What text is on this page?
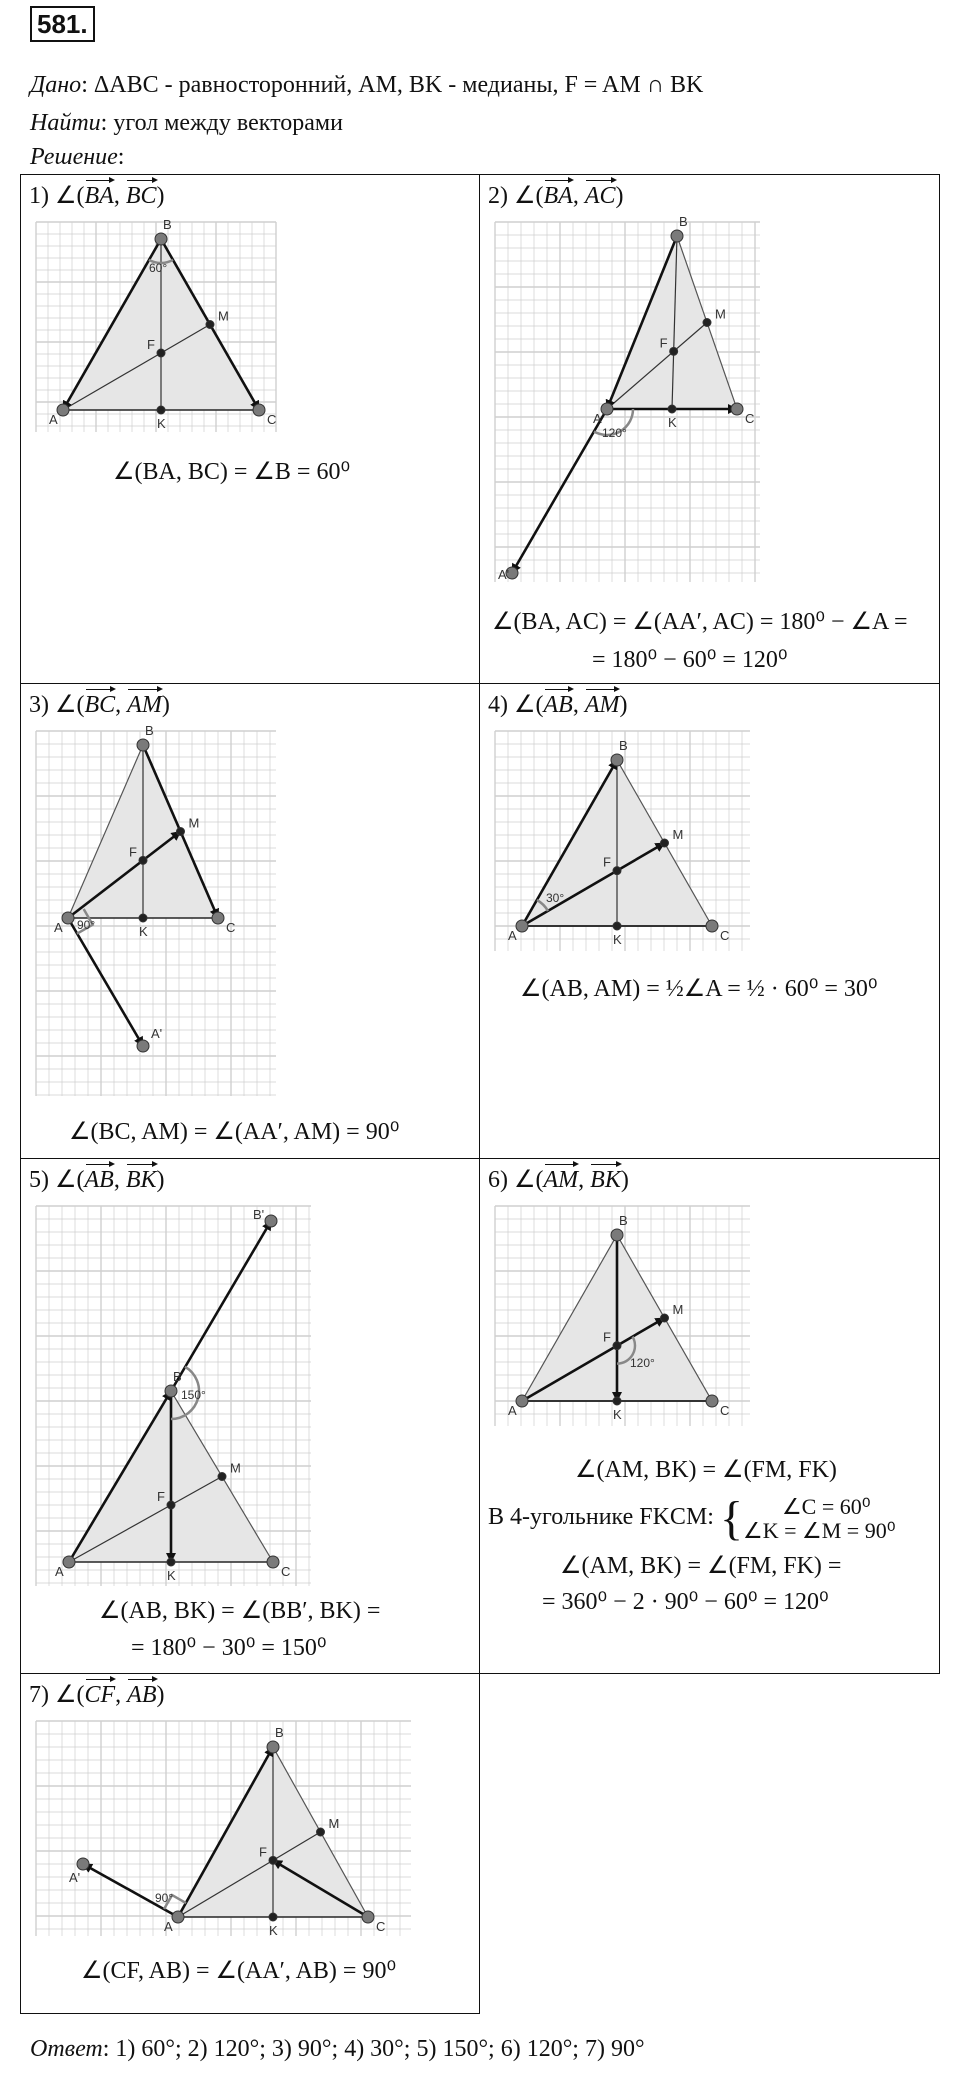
581.
Дано: ΔABC - равносторонний, AM, BK - медианы, F = AM ∩ BK
Найти: угол между векторами
Решение:
1) ∠(BA, BC)
A
B
C
M
K
F
60°
∠(BA, BC) = ∠B = 60⁰
2) ∠(BA, AC)
A
B
C
M
K
F
A'
120°
∠(BA, AC) = ∠(AA′, AC) = 180⁰ − ∠A =
= 180⁰ − 60⁰ = 120⁰
3) ∠(BC, AM)
A
B
C
M
K
F
A'
90°
∠(BC, AM) = ∠(AA′, AM) = 90⁰
4) ∠(AB, AM)
A
B
C
M
K
F
30°
∠(AB, AM) = ½∠A = ½ · 60⁰ = 30⁰
5) ∠(AB, BK)
A
B
C
M
K
F
B'
150°
∠(AB, BK) = ∠(BB′, BK) =
= 180⁰ − 30⁰ = 150⁰
6) ∠(AM, BK)
A
B
C
M
K
F
120°
∠(AM, BK) = ∠(FM, FK)
В 4-угольнике FKCM: {	∠C = 60⁰
∠K = ∠M = 90⁰
∠(AM, BK) = ∠(FM, FK) =
= 360⁰ − 2 · 90⁰ − 60⁰ = 120⁰
7) ∠(CF, AB)
A
B
C
M
K
F
A'
90°
∠(CF, AB) = ∠(AA′, AB) = 90⁰
Ответ: 1) 60°; 2) 120°; 3) 90°; 4) 30°; 5) 150°; 6) 120°; 7) 90°
